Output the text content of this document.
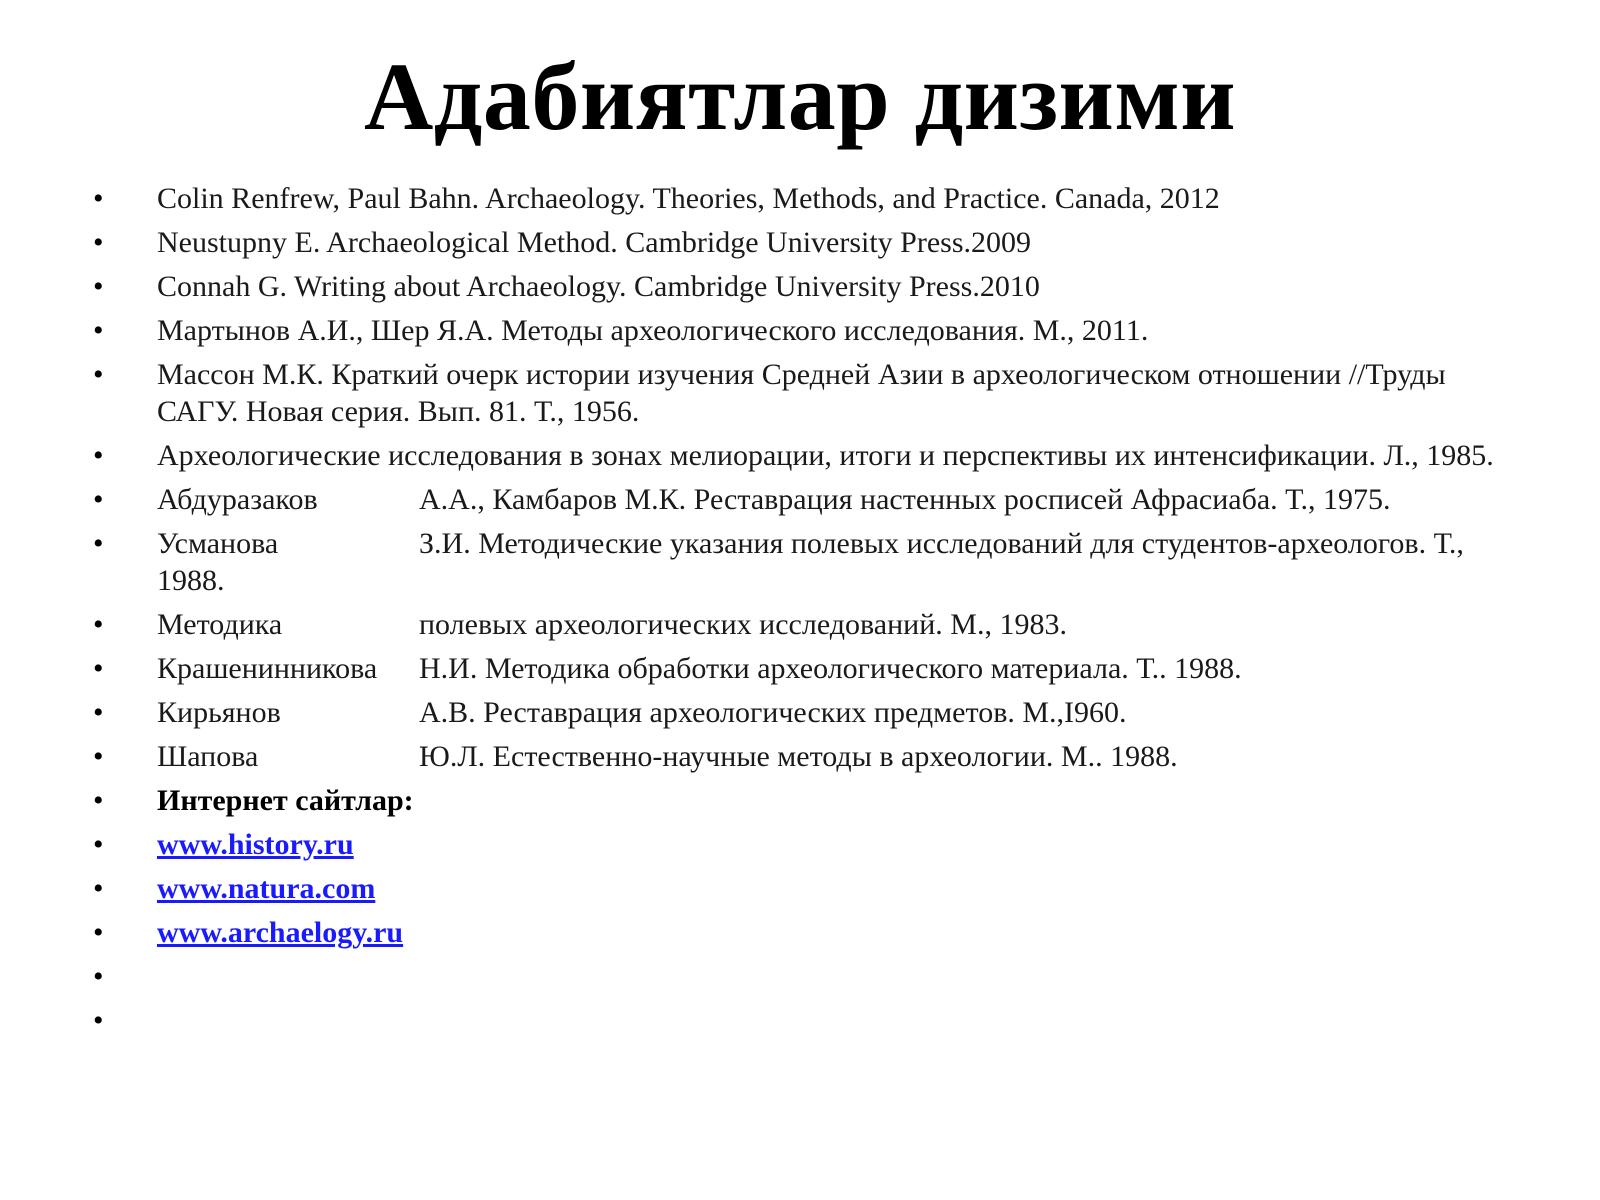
Адабиятлар дизими
•	Colin Renfrew, Paul Bahn. Archaeology. Theories, Methods, and Practice. Canada, 2012
•	Neustupny E. Archaeological Method. Cambridge University Press.2009
•	Connah G. Writing about Archaeology. Cambridge University Press.2010
•	Мартынов А.И., Шер Я.А. Методы археологического исследования. М., 2011.
•	Массон М.К. Краткий очерк истории изучения Средней Азии в археологическом отношении //Труды САГУ. Новая серия. Вып. 81. Т., 1956.
•	Археологические исследования в зонах мелиорации, итоги и перспективы их интенсификации. Л., 1985.
•	Абдуразаков	А.А., Камбаров М.К. Реставрация настенных росписей Афрасиаба. Т., 1975.
•	Усманова	З.И. Методические указания полевых исследований для студентов-археологов. Т., 1988.
•	Методика	полевых археологических исследований. М., 1983.
•	Крашенинникова Н.И. Методика обработки археологического материала. Т.. 1988.
•	Кирьянов	А.В. Реставрация археологических предметов. М.,I960.
•	Шапова	Ю.Л. Естественно-научные методы в археологии. М.. 1988.
•	Интернет сайтлар:
•	www.history.ru
•	www.natura.com
•	www.archaelogy.ru
•
•
